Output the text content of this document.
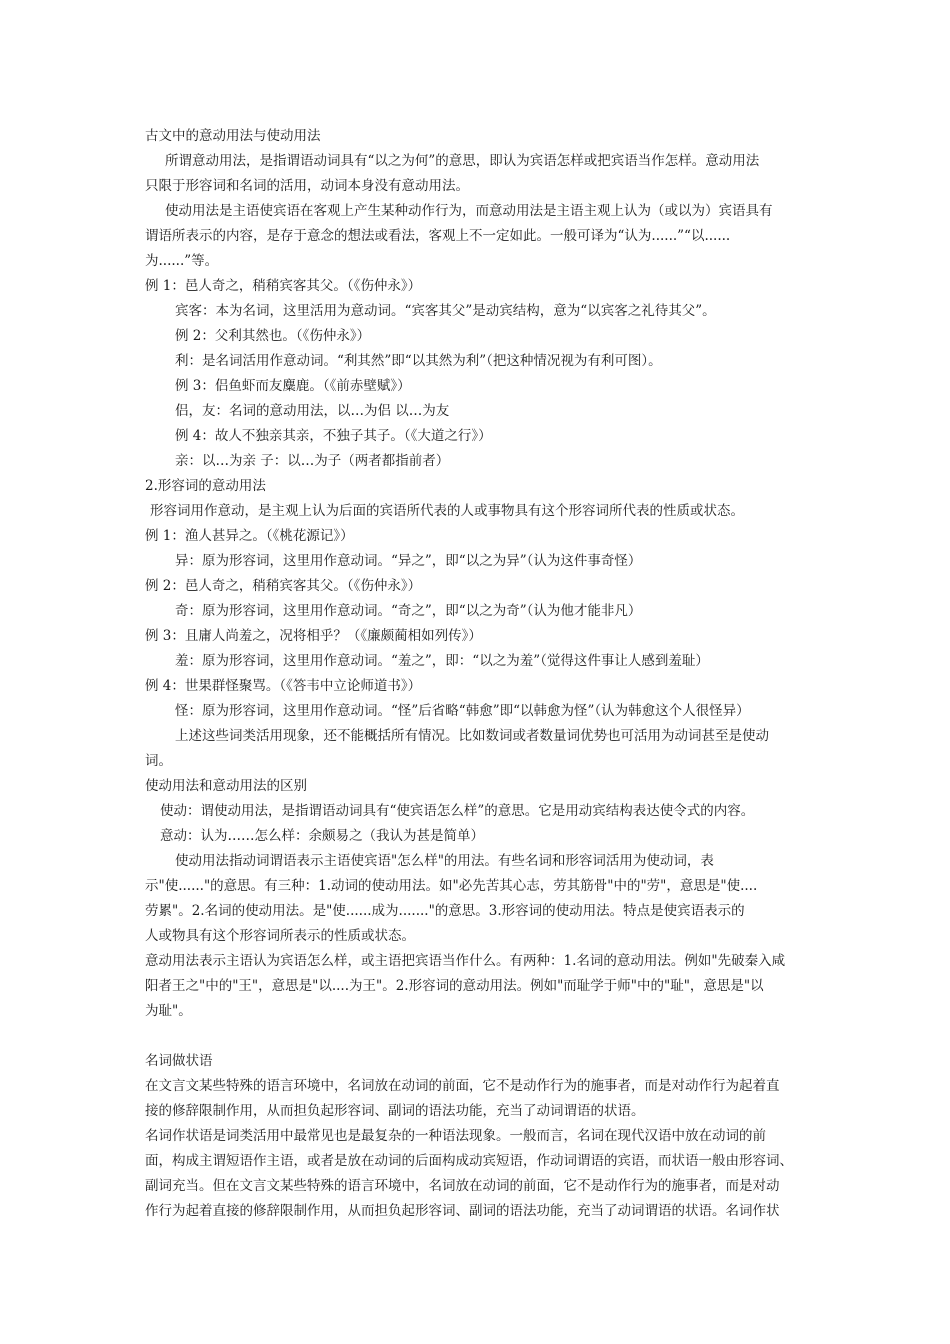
古文中的意动用法与使动用法
所谓意动用法，是指谓语动词具有“以之为何”的意思，即认为宾语怎样或把宾语当作怎样。意动用法
只限于形容词和名词的活用，动词本身没有意动用法。
使动用法是主语使宾语在客观上产生某种动作行为，而意动用法是主语主观上认为（或以为）宾语具有
谓语所表示的内容，是存于意念的想法或看法，客观上不一定如此。一般可译为“认为......”“以......
为......”等。
例 1：邑人奇之，稍稍宾客其父。（《伤仲永》）
宾客：本为名词，这里活用为意动词。“宾客其父”是动宾结构，意为“以宾客之礼待其父”。
例 2：父利其然也。（《伤仲永》）
利：是名词活用作意动词。“利其然”即“以其然为利”（把这种情况视为有利可图）。
例 3：侣鱼虾而友麋鹿。（《前赤壁赋》）
侣，友：名词的意动用法，以…为侣 以…为友
例 4：故人不独亲其亲，不独子其子。（《大道之行》）
亲：以…为亲 子：以…为子（两者都指前者）
2.形容词的意动用法
形容词用作意动，是主观上认为后面的宾语所代表的人或事物具有这个形容词所代表的性质或状态。
例 1：渔人甚异之。（《桃花源记》）
异：原为形容词，这里用作意动词。“异之”，即“以之为异”（认为这件事奇怪）
例 2：邑人奇之，稍稍宾客其父。（《伤仲永》）
奇：原为形容词，这里用作意动词。“奇之”，即“以之为奇”（认为他才能非凡）
例 3：且庸人尚羞之，况将相乎？（《廉颇蔺相如列传》）
羞：原为形容词，这里用作意动词。“羞之”，即：“以之为羞”（觉得这件事让人感到羞耻）
例 4：世果群怪聚骂。（《答韦中立论师道书》）
怪：原为形容词，这里用作意动词。“怪”后省略“韩愈”即“以韩愈为怪”（认为韩愈这个人很怪异）
上述这些词类活用现象，还不能概括所有情况。比如数词或者数量词优势也可活用为动词甚至是使动
词。
使动用法和意动用法的区别
使动：谓使动用法，是指谓语动词具有“使宾语怎么样”的意思。它是用动宾结构表达使令式的内容。
意动：认为……怎么样：余颇易之（我认为甚是简单）
使动用法指动词谓语表示主语使宾语"怎么样"的用法。有些名词和形容词活用为使动词，表
示"使......"的意思。有三种：1.动词的使动用法。如"必先苦其心志，劳其筋骨"中的"劳"，意思是"使....
劳累"。2.名词的使动用法。是"使......成为......."的意思。3.形容词的使动用法。特点是使宾语表示的
人或物具有这个形容词所表示的性质或状态。
意动用法表示主语认为宾语怎么样，或主语把宾语当作什么。有两种：1.名词的意动用法。例如"先破秦入咸
阳者王之"中的"王"，意思是"以....为王"。2.形容词的意动用法。例如"而耻学于师"中的"耻"，意思是"以
为耻"。
名词做状语
在文言文某些特殊的语言环境中，名词放在动词的前面，它不是动作行为的施事者，而是对动作行为起着直
接的修辞限制作用，从而担负起形容词、副词的语法功能，充当了动词谓语的状语。
名词作状语是词类活用中最常见也是最复杂的一种语法现象。一般而言，名词在现代汉语中放在动词的前
面，构成主谓短语作主语，或者是放在动词的后面构成动宾短语，作动词谓语的宾语，而状语一般由形容词、
副词充当。但在文言文某些特殊的语言环境中，名词放在动词的前面，它不是动作行为的施事者，而是对动
作行为起着直接的修辞限制作用，从而担负起形容词、副词的语法功能，充当了动词谓语的状语。名词作状
